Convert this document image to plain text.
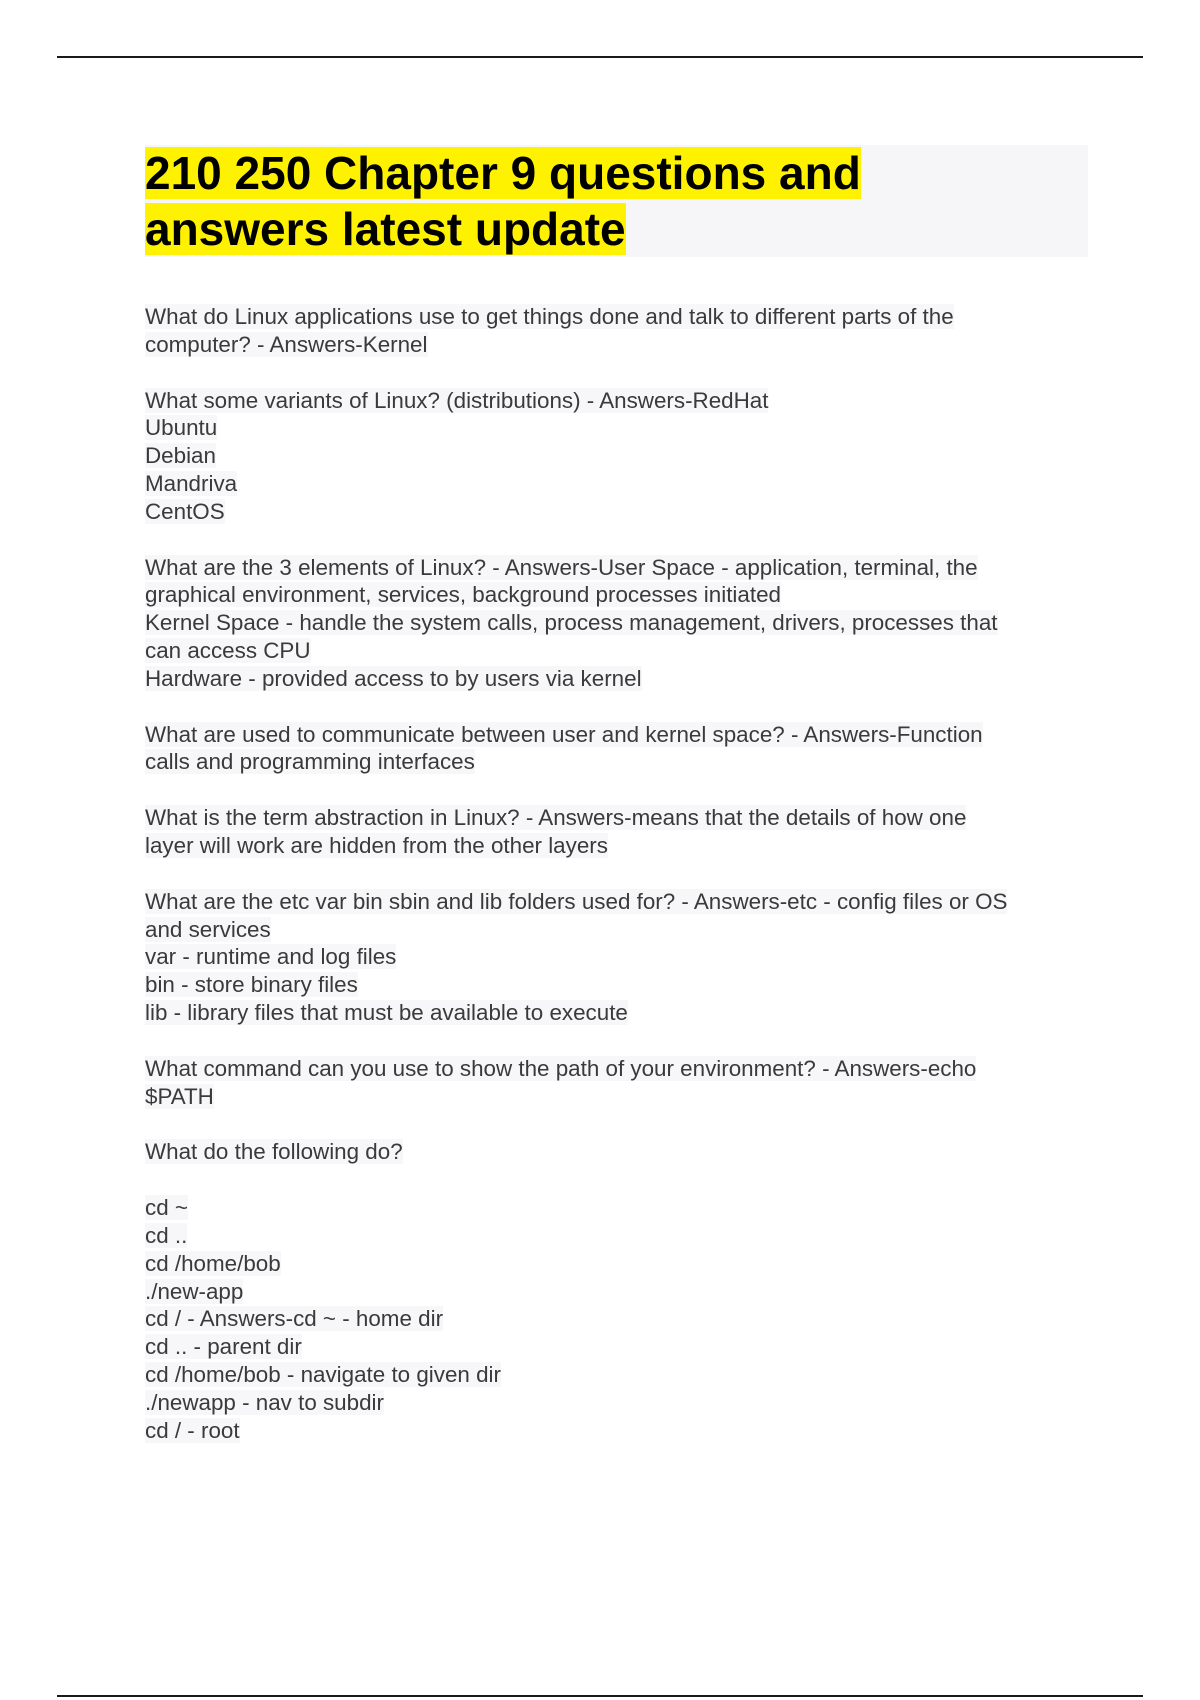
210 250 Chapter 9 questions and
answers latest update
What do Linux applications use to get things done and talk to different parts of the
computer? - Answers-Kernel
What some variants of Linux? (distributions) - Answers-RedHat
Ubuntu
Debian
Mandriva
CentOS
What are the 3 elements of Linux? - Answers-User Space - application, terminal, the
graphical environment, services, background processes initiated
Kernel Space - handle the system calls, process management, drivers, processes that
can access CPU
Hardware - provided access to by users via kernel
What are used to communicate between user and kernel space? - Answers-Function
calls and programming interfaces
What is the term abstraction in Linux? - Answers-means that the details of how one
layer will work are hidden from the other layers
What are the etc var bin sbin and lib folders used for? - Answers-etc - config files or OS
and services
var - runtime and log files
bin - store binary files
lib - library files that must be available to execute
What command can you use to show the path of your environment? - Answers-echo
$PATH
What do the following do?
cd ~
cd ..
cd /home/bob
./new-app
cd / - Answers-cd ~ - home dir
cd .. - parent dir
cd /home/bob - navigate to given dir
./newapp - nav to subdir
cd / - root
